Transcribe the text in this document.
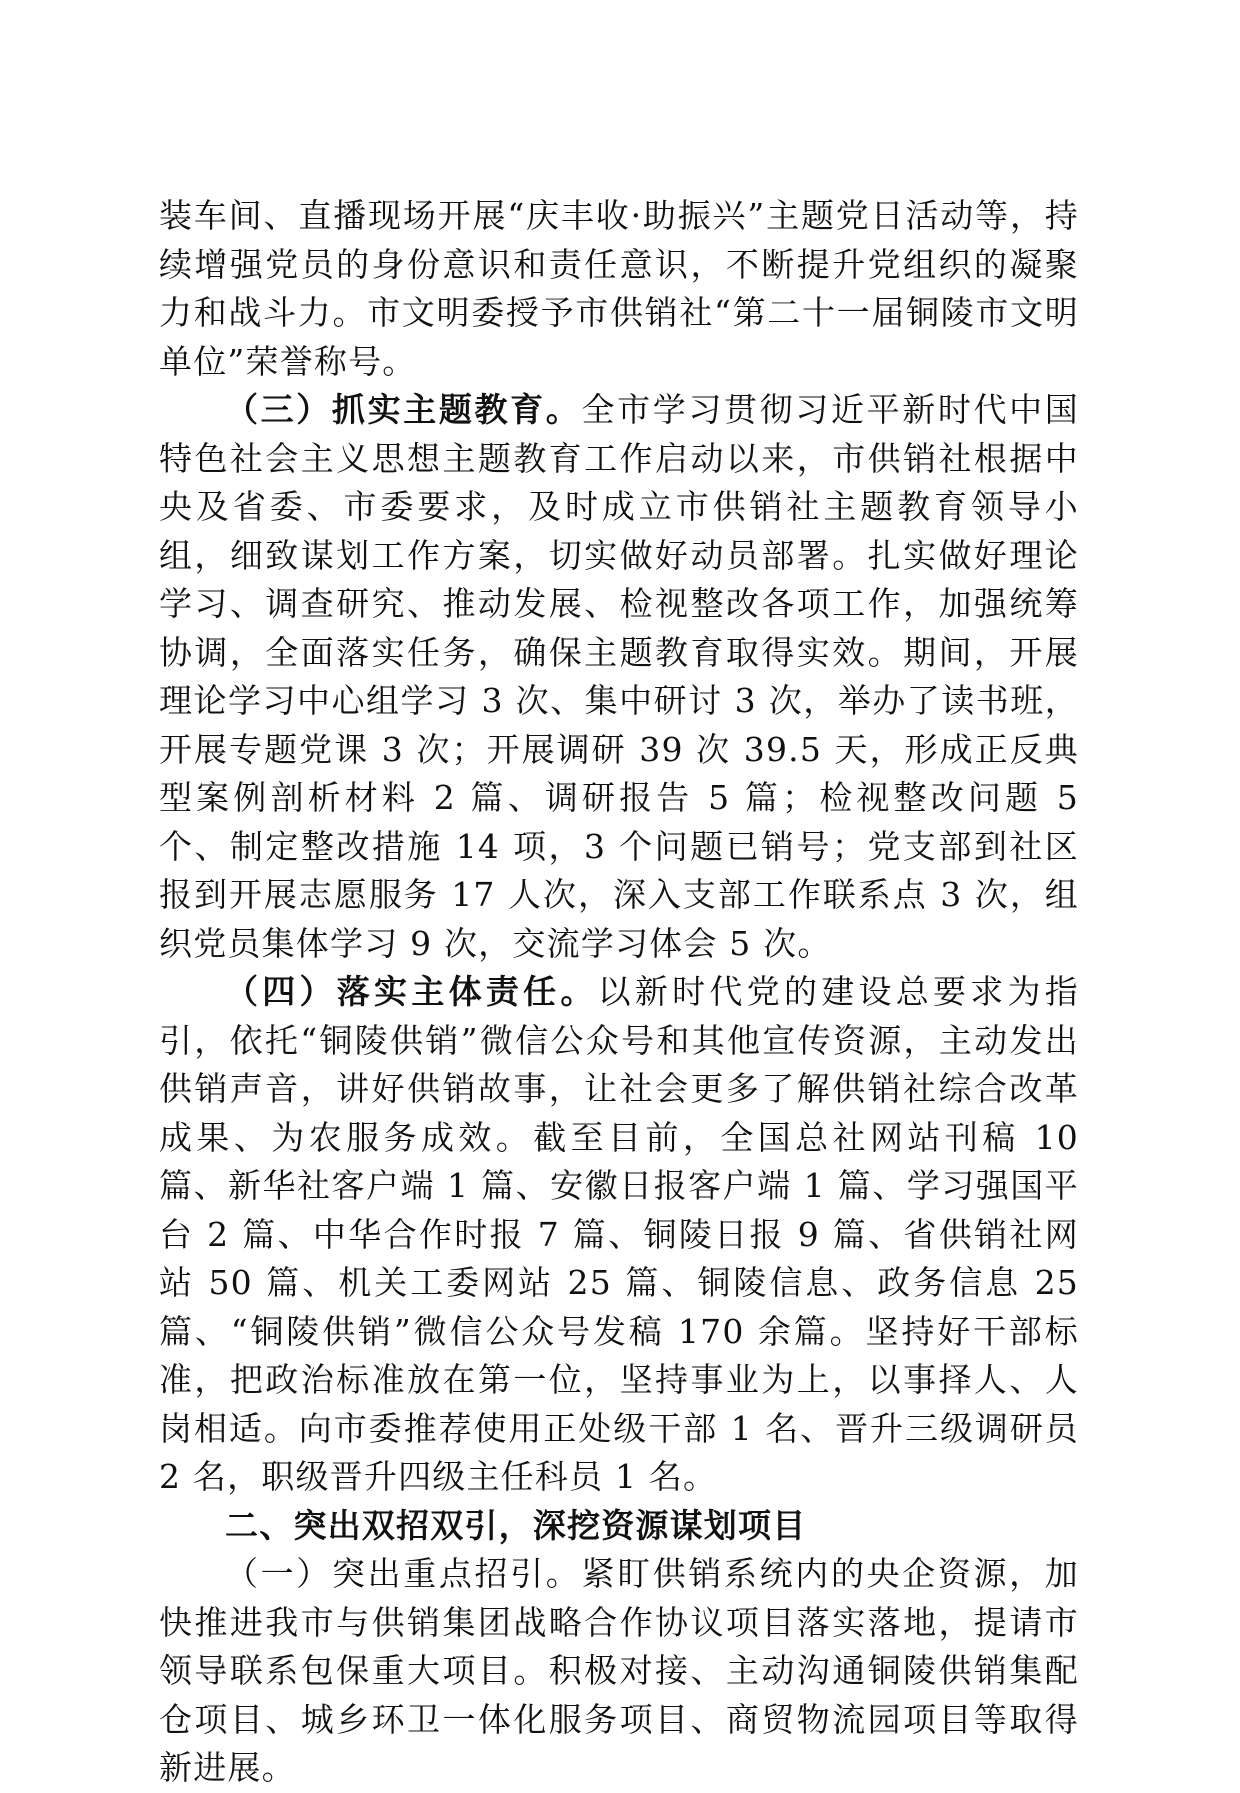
装车间、直播现场开展“庆丰收·助振兴”主题党日活动等，持续增强党员的身份意识和责任意识，不断提升党组织的凝聚力和战斗力。市文明委授予市供销社“第二十一届铜陵市文明单位”荣誉称号。

（三）抓实主题教育。全市学习贯彻习近平新时代中国特色社会主义思想主题教育工作启动以来，市供销社根据中央及省委、市委要求，及时成立市供销社主题教育领导小组，细致谋划工作方案，切实做好动员部署。扎实做好理论学习、调查研究、推动发展、检视整改各项工作，加强统筹协调，全面落实任务，确保主题教育取得实效。期间，开展理论学习中心组学习 3 次、集中研讨 3 次，举办了读书班，开展专题党课 3 次；开展调研 39 次 39.5 天，形成正反典型案例剖析材料 2 篇、调研报告 5 篇；检视整改问题 5 个、制定整改措施 14 项，3 个问题已销号；党支部到社区报到开展志愿服务 17 人次，深入支部工作联系点 3 次，组织党员集体学习 9 次，交流学习体会 5 次。

（四）落实主体责任。以新时代党的建设总要求为指引，依托“铜陵供销”微信公众号和其他宣传资源，主动发出供销声音，讲好供销故事，让社会更多了解供销社综合改革成果、为农服务成效。截至目前，全国总社网站刊稿 10 篇、新华社客户端 1 篇、安徽日报客户端 1 篇、学习强国平台 2 篇、中华合作时报 7 篇、铜陵日报 9 篇、省供销社网站 50 篇、机关工委网站 25 篇、铜陵信息、政务信息 25 篇、“铜陵供销”微信公众号发稿 170 余篇。坚持好干部标准，把政治标准放在第一位，坚持事业为上，以事择人、人岗相适。向市委推荐使用正处级干部 1 名、晋升三级调研员 2 名，职级晋升四级主任科员 1 名。

二、突出双招双引，深挖资源谋划项目

（一）突出重点招引。紧盯供销系统内的央企资源，加快推进我市与供销集团战略合作协议项目落实落地，提请市领导联系包保重大项目。积极对接、主动沟通铜陵供销集配仓项目、城乡环卫一体化服务项目、商贸物流园项目等取得新进展。
